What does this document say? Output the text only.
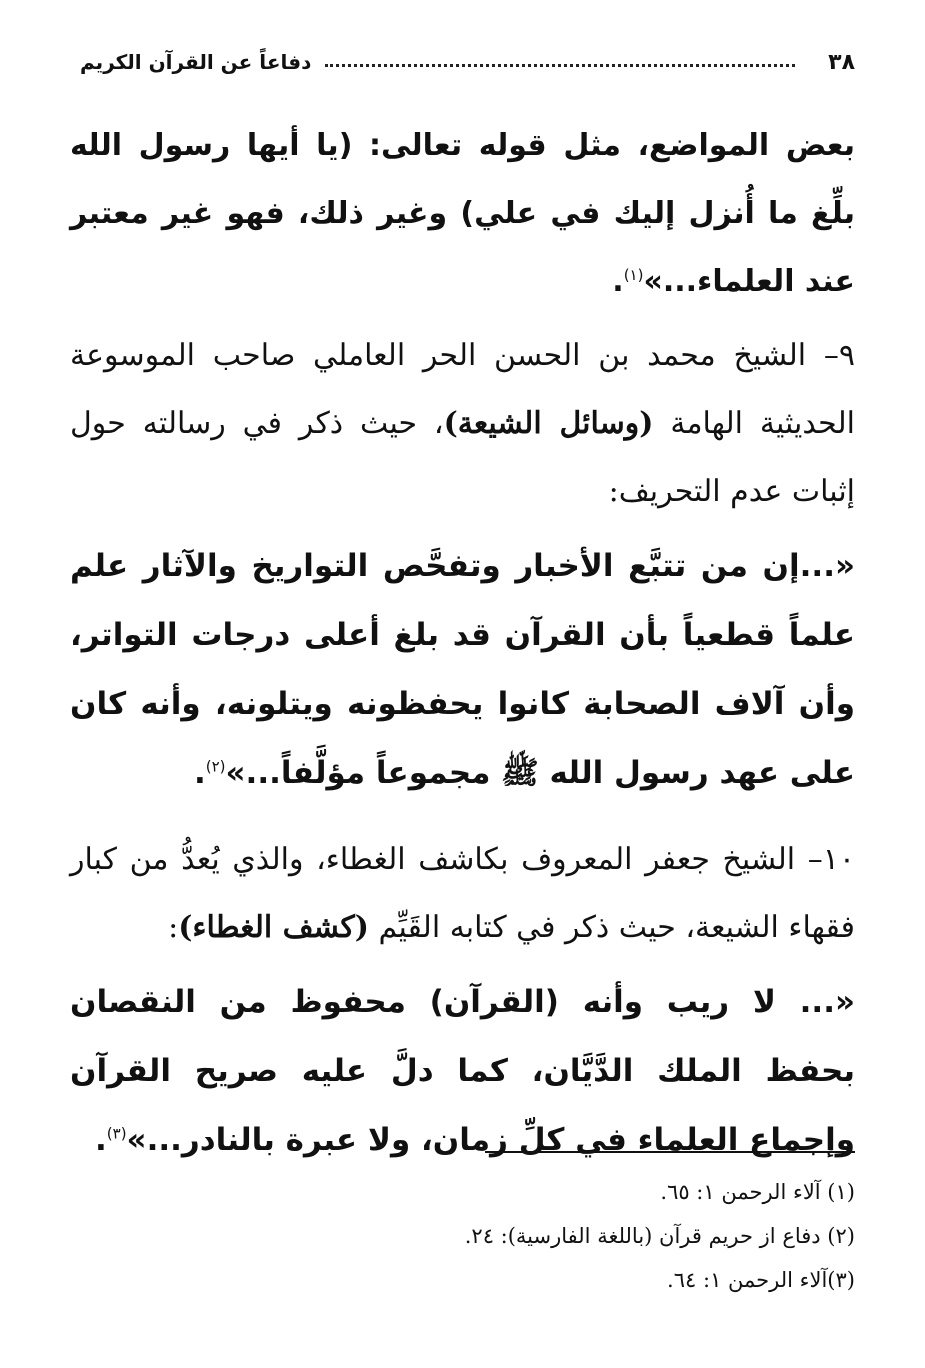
٣٨
دفاعاً عن القرآن الكريم

بعض المواضع، مثل قوله تعالى: (يا أيها رسول الله بلِّغ ما أُنزل إليك في علي) وغير ذلك، فهو غير معتبر عند العلماء...»$^{(١)}$.

٩– الشيخ محمد بن الحسن الحر العاملي صاحب الموسوعة الحديثية الهامة (وسائل الشيعة)، حيث ذكر في رسالته حول إثبات عدم التحريف:

«...إن من تتبَّع الأخبار وتفحَّص التواريخ والآثار علم علماً قطعياً بأن القرآن قد بلغ أعلى درجات التواتر، وأن آلاف الصحابة كانوا يحفظونه ويتلونه، وأنه كان على عهد رسول الله ﷺ مجموعاً مؤلَّفاً...»$^{(٢)}$.

١٠– الشيخ جعفر المعروف بكاشف الغطاء، والذي يُعدُّ من كبار فقهاء الشيعة، حيث ذكر في كتابه القَيِّم (كشف الغطاء):

«... لا ريب وأنه (القرآن) محفوظ من النقصان بحفظ الملك الدَّيَّان، كما دلَّ عليه صريح القرآن وإجماع العلماء في كلِّ زمان، ولا عبرة بالنادر...»$^{(٣)}$.

(١) آلاء الرحمن ١: ٦٥.

(٢) دفاع از حريم قرآن (باللغة الفارسية): ٢٤.

(٣)آلاء الرحمن ١: ٦٤.
